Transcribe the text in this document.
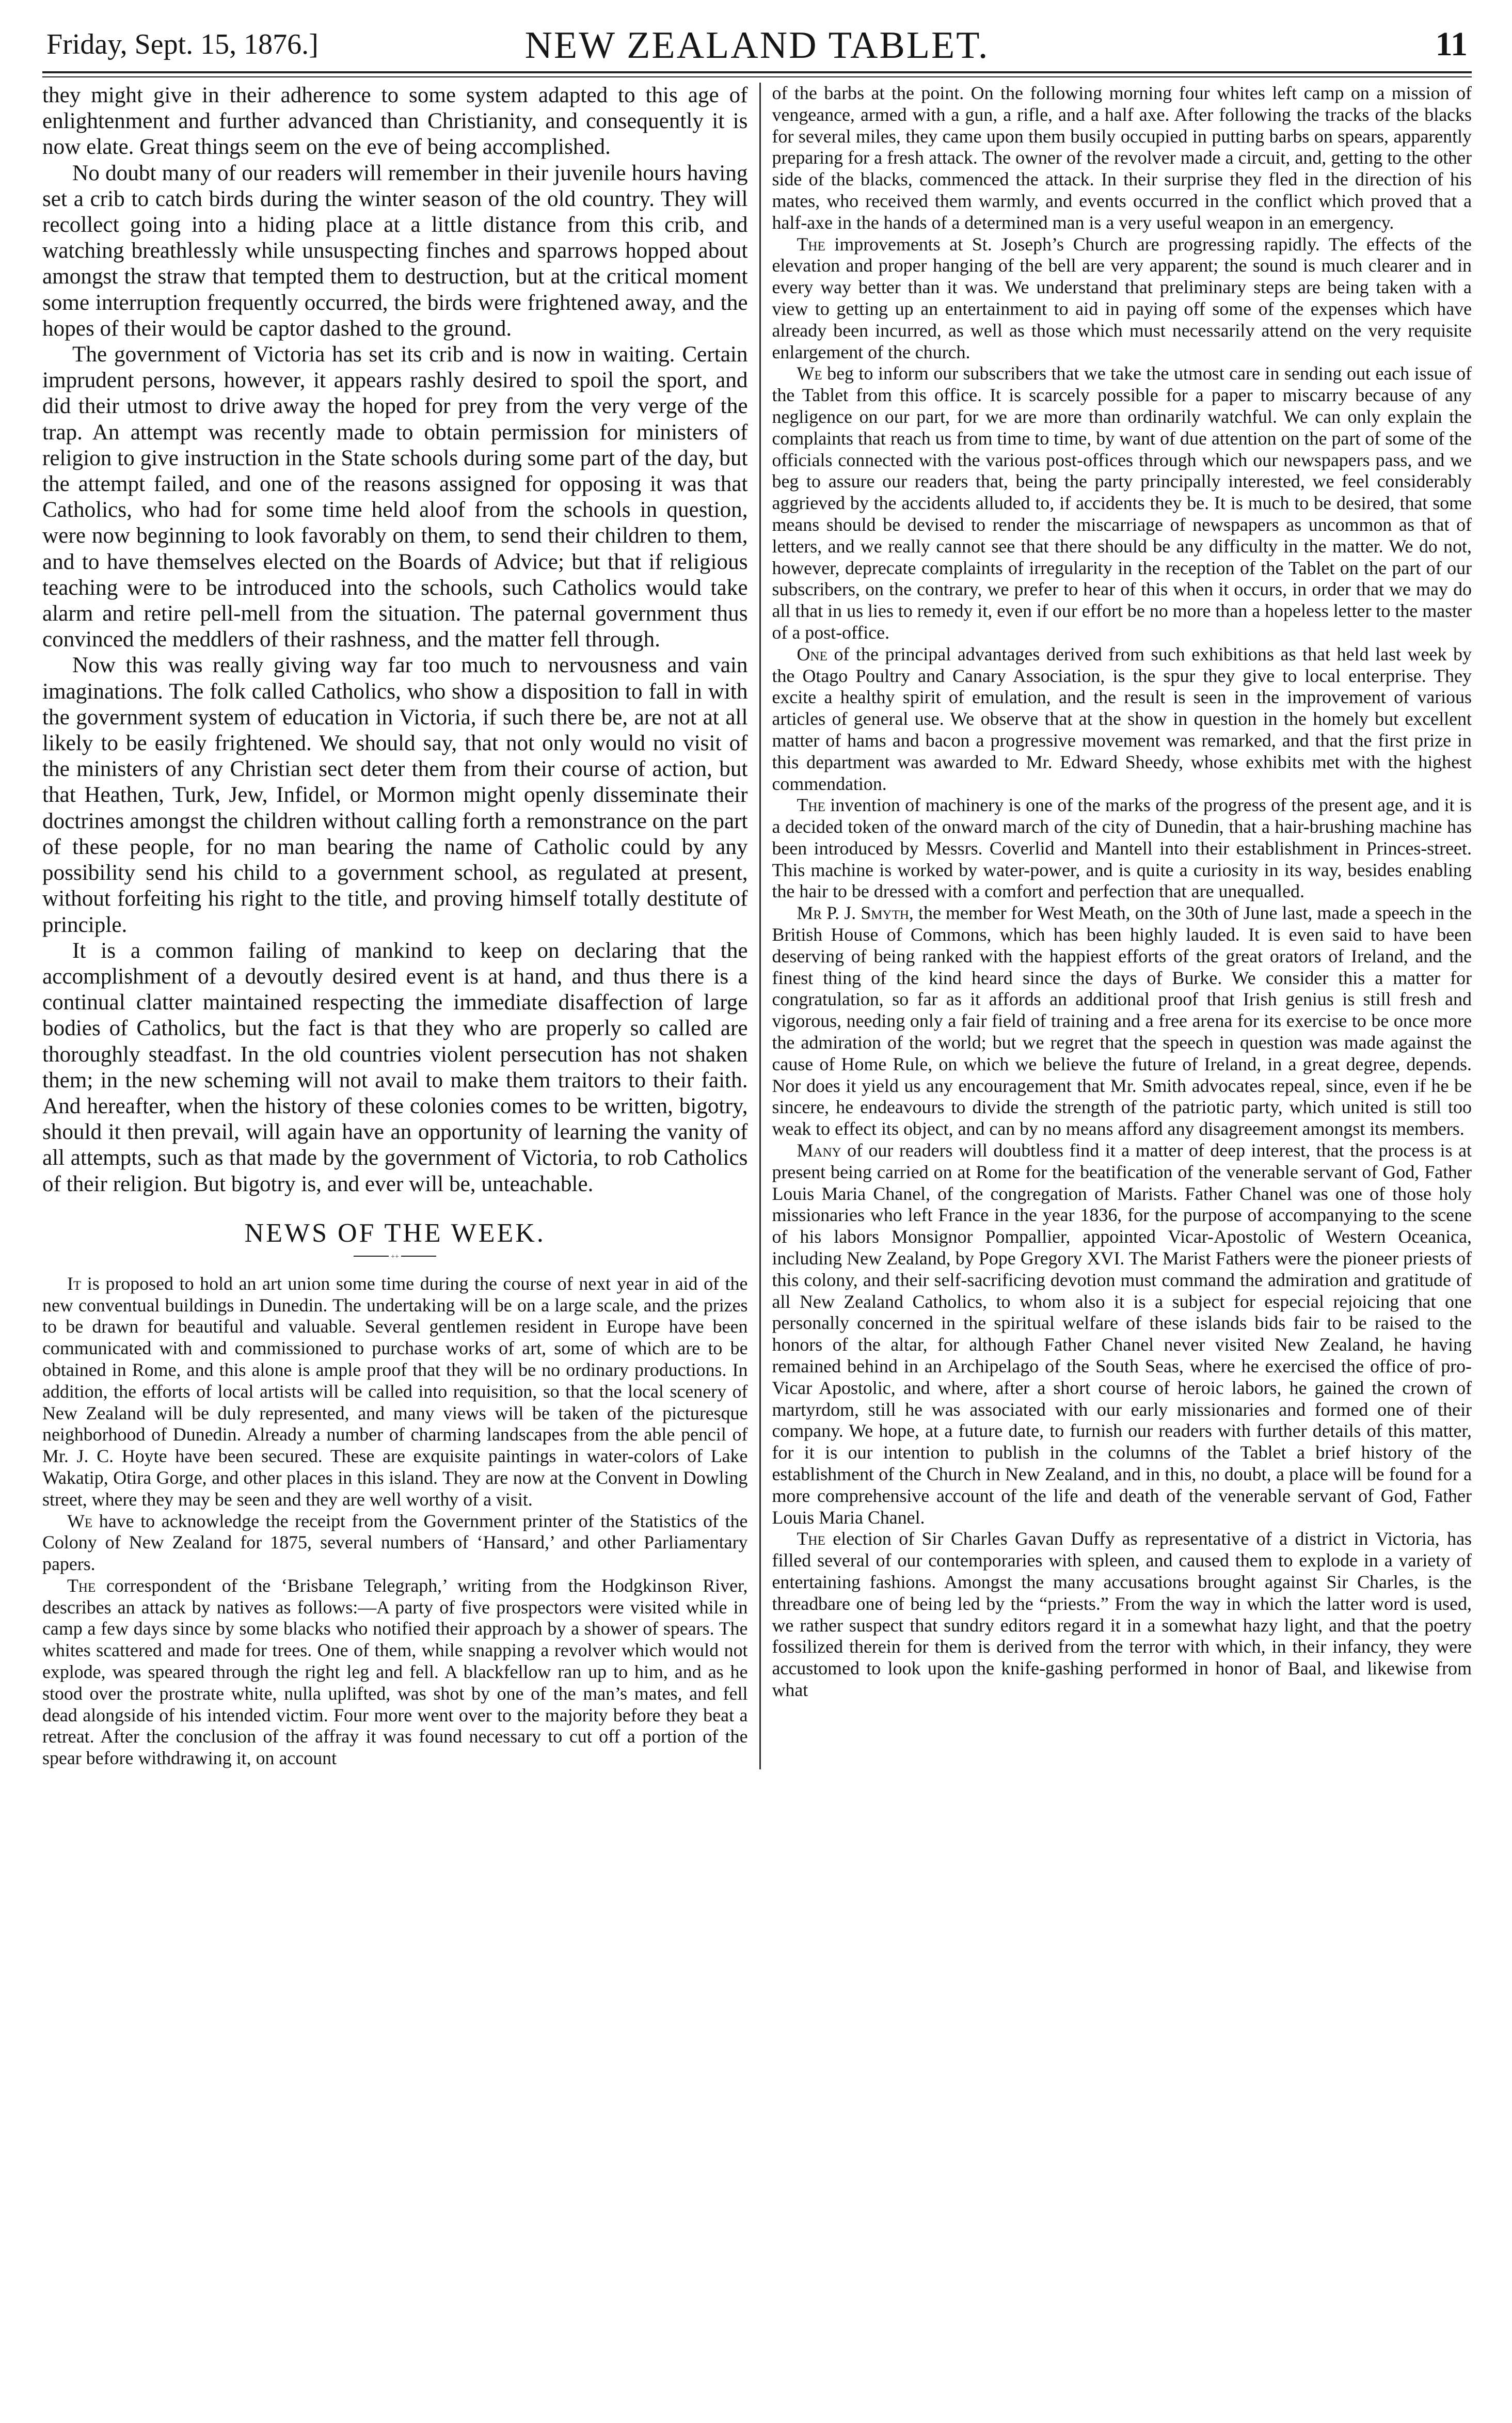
Friday, Sept. 15, 1876.]	NEW ZEALAND TABLET.	11

they might give in their adherence to some system adapted to this age of enlightenment and further advanced than Christianity, and consequently it is now elate. Great things seem on the eve of being accomplished.

No doubt many of our readers will remember in their juvenile hours having set a crib to catch birds during the winter season of the old country. They will recollect going into a hiding place at a little distance from this crib, and watching breathlessly while unsuspecting finches and sparrows hopped about amongst the straw that tempted them to destruction, but at the critical moment some interruption frequently occurred, the birds were frightened away, and the hopes of their would be captor dashed to the ground.

The government of Victoria has set its crib and is now in waiting. Certain imprudent persons, however, it appears rashly desired to spoil the sport, and did their utmost to drive away the hoped for prey from the very verge of the trap. An attempt was recently made to obtain permission for ministers of religion to give instruction in the State schools during some part of the day, but the attempt failed, and one of the reasons assigned for opposing it was that Catholics, who had for some time held aloof from the schools in question, were now beginning to look favorably on them, to send their children to them, and to have themselves elected on the Boards of Advice; but that if religious teaching were to be introduced into the schools, such Catholics would take alarm and retire pell-mell from the situation. The paternal government thus convinced the meddlers of their rashness, and the matter fell through.

Now this was really giving way far too much to nervousness and vain imaginations. The folk called Catholics, who show a disposition to fall in with the government system of education in Victoria, if such there be, are not at all likely to be easily frightened. We should say, that not only would no visit of the ministers of any Christian sect deter them from their course of action, but that Heathen, Turk, Jew, Infidel, or Mormon might openly disseminate their doctrines amongst the children without calling forth a remonstrance on the part of these people, for no man bearing the name of Catholic could by any possibility send his child to a government school, as regulated at present, without forfeiting his right to the title, and proving himself totally destitute of principle.

It is a common failing of mankind to keep on declaring that the accomplishment of a devoutly desired event is at hand, and thus there is a continual clatter maintained respecting the immediate disaffection of large bodies of Catholics, but the fact is that they who are properly so called are thoroughly steadfast. In the old countries violent persecution has not shaken them; in the new scheming will not avail to make them traitors to their faith. And hereafter, when the history of these colonies comes to be written, bigotry, should it then prevail, will again have an opportunity of learning the vanity of all attempts, such as that made by the government of Victoria, to rob Catholics of their religion. But bigotry is, and ever will be, unteachable.

NEWS OF THE WEEK.
++

It is proposed to hold an art union some time during the course of next year in aid of the new conventual buildings in Dunedin. The undertaking will be on a large scale, and the prizes to be drawn for beautiful and valuable. Several gentlemen resident in Europe have been communicated with and commissioned to purchase works of art, some of which are to be obtained in Rome, and this alone is ample proof that they will be no ordinary productions. In addition, the efforts of local artists will be called into requisition, so that the local scenery of New Zealand will be duly represented, and many views will be taken of the picturesque neighborhood of Dunedin. Already a number of charming landscapes from the able pencil of Mr. J. C. Hoyte have been secured. These are exquisite paintings in water-colors of Lake Wakatip, Otira Gorge, and other places in this island. They are now at the Convent in Dowling street, where they may be seen and they are well worthy of a visit.

We have to acknowledge the receipt from the Government printer of the Statistics of the Colony of New Zealand for 1875, several numbers of ‘Hansard,’ and other Parliamentary papers.

The correspondent of the ‘Brisbane Telegraph,’ writing from the Hodgkinson River, describes an attack by natives as follows:—A party of five prospectors were visited while in camp a few days since by some blacks who notified their approach by a shower of spears. The whites scattered and made for trees. One of them, while snapping a revolver which would not explode, was speared through the right leg and fell. A blackfellow ran up to him, and as he stood over the prostrate white, nulla uplifted, was shot by one of the man’s mates, and fell dead alongside of his intended victim. Four more went over to the majority before they beat a retreat. After the conclusion of the affray it was found necessary to cut off a portion of the spear before withdrawing it, on account

of the barbs at the point. On the following morning four whites left camp on a mission of vengeance, armed with a gun, a rifle, and a half axe. After following the tracks of the blacks for several miles, they came upon them busily occupied in putting barbs on spears, apparently preparing for a fresh attack. The owner of the revolver made a circuit, and, getting to the other side of the blacks, commenced the attack. In their surprise they fled in the direction of his mates, who received them warmly, and events occurred in the conflict which proved that a half-axe in the hands of a determined man is a very useful weapon in an emergency.

The improvements at St. Joseph’s Church are progressing rapidly. The effects of the elevation and proper hanging of the bell are very apparent; the sound is much clearer and in every way better than it was. We understand that preliminary steps are being taken with a view to getting up an entertainment to aid in paying off some of the expenses which have already been incurred, as well as those which must necessarily attend on the very requisite enlargement of the church.

We beg to inform our subscribers that we take the utmost care in sending out each issue of the Tablet from this office. It is scarcely possible for a paper to miscarry because of any negligence on our part, for we are more than ordinarily watchful. We can only explain the complaints that reach us from time to time, by want of due attention on the part of some of the officials connected with the various post-offices through which our newspapers pass, and we beg to assure our readers that, being the party principally interested, we feel considerably aggrieved by the accidents alluded to, if accidents they be. It is much to be desired, that some means should be devised to render the miscarriage of newspapers as uncommon as that of letters, and we really cannot see that there should be any difficulty in the matter. We do not, however, deprecate complaints of irregularity in the reception of the Tablet on the part of our subscribers, on the contrary, we prefer to hear of this when it occurs, in order that we may do all that in us lies to remedy it, even if our effort be no more than a hopeless letter to the master of a post-office.

One of the principal advantages derived from such exhibitions as that held last week by the Otago Poultry and Canary Association, is the spur they give to local enterprise. They excite a healthy spirit of emulation, and the result is seen in the improvement of various articles of general use. We observe that at the show in question in the homely but excellent matter of hams and bacon a progressive movement was remarked, and that the first prize in this department was awarded to Mr. Edward Sheedy, whose exhibits met with the highest commendation.

The invention of machinery is one of the marks of the progress of the present age, and it is a decided token of the onward march of the city of Dunedin, that a hair-brushing machine has been introduced by Messrs. Coverlid and Mantell into their establishment in Princes-street. This machine is worked by water-power, and is quite a curiosity in its way, besides enabling the hair to be dressed with a comfort and perfection that are unequalled.

Mr P. J. Smyth, the member for West Meath, on the 30th of June last, made a speech in the British House of Commons, which has been highly lauded. It is even said to have been deserving of being ranked with the happiest efforts of the great orators of Ireland, and the finest thing of the kind heard since the days of Burke. We consider this a matter for congratulation, so far as it affords an additional proof that Irish genius is still fresh and vigorous, needing only a fair field of training and a free arena for its exercise to be once more the admiration of the world; but we regret that the speech in question was made against the cause of Home Rule, on which we believe the future of Ireland, in a great degree, depends. Nor does it yield us any encouragement that Mr. Smith advocates repeal, since, even if he be sincere, he endeavours to divide the strength of the patriotic party, which united is still too weak to effect its object, and can by no means afford any disagreement amongst its members.

Many of our readers will doubtless find it a matter of deep interest, that the process is at present being carried on at Rome for the beatification of the venerable servant of God, Father Louis Maria Chanel, of the congregation of Marists. Father Chanel was one of those holy missionaries who left France in the year 1836, for the purpose of accompanying to the scene of his labors Monsignor Pompallier, appointed Vicar-Apostolic of Western Oceanica, including New Zealand, by Pope Gregory XVI. The Marist Fathers were the pioneer priests of this colony, and their self-sacrificing devotion must command the admiration and gratitude of all New Zealand Catholics, to whom also it is a subject for especial rejoicing that one personally concerned in the spiritual welfare of these islands bids fair to be raised to the honors of the altar, for although Father Chanel never visited New Zealand, he having remained behind in an Archipelago of the South Seas, where he exercised the office of pro-Vicar Apostolic, and where, after a short course of heroic labors, he gained the crown of martyrdom, still he was associated with our early missionaries and formed one of their company. We hope, at a future date, to furnish our readers with further details of this matter, for it is our intention to publish in the columns of the Tablet a brief history of the establishment of the Church in New Zealand, and in this, no doubt, a place will be found for a more comprehensive account of the life and death of the venerable servant of God, Father Louis Maria Chanel.

The election of Sir Charles Gavan Duffy as representative of a district in Victoria, has filled several of our contemporaries with spleen, and caused them to explode in a variety of entertaining fashions. Amongst the many accusations brought against Sir Charles, is the threadbare one of being led by the “priests.” From the way in which the latter word is used, we rather suspect that sundry editors regard it in a somewhat hazy light, and that the poetry fossilized therein for them is derived from the terror with which, in their infancy, they were accustomed to look upon the knife-gashing performed in honor of Baal, and likewise from what
